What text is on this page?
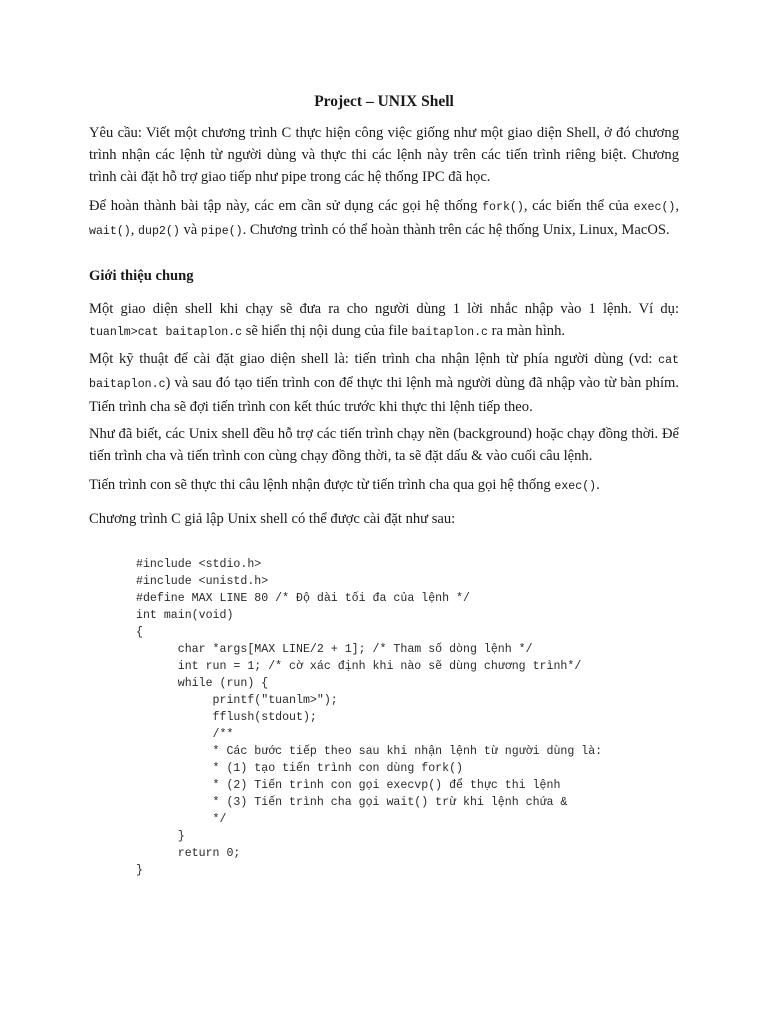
Project – UNIX Shell

Yêu cầu: Viết một chương trình C thực hiện công việc giống như một giao diện Shell, ở đó chương trình nhận các lệnh từ người dùng và thực thi các lệnh này trên các tiến trình riêng biệt. Chương trình cài đặt hỗ trợ giao tiếp như pipe trong các hệ thống IPC đã học.

Để hoàn thành bài tập này, các em cần sử dụng các gọi hệ thống fork(), các biến thể của exec(), wait(), dup2() và pipe(). Chương trình có thể hoàn thành trên các hệ thống Unix, Linux, MacOS.

Giới thiệu chung

Một giao diện shell khi chạy sẽ đưa ra cho người dùng 1 lời nhắc nhập vào 1 lệnh. Ví dụ: tuanlm>cat baitaplon.c sẽ hiển thị nội dung của file baitaplon.c ra màn hình.

Một kỹ thuật để cài đặt giao diện shell là: tiến trình cha nhận lệnh từ phía người dùng (vd: cat baitaplon.c) và sau đó tạo tiến trình con để thực thi lệnh mà người dùng đã nhập vào từ bàn phím. Tiến trình cha sẽ đợi tiến trình con kết thúc trước khi thực thi lệnh tiếp theo.

Như đã biết, các Unix shell đều hỗ trợ các tiến trình chạy nền (background) hoặc chạy đồng thời. Để tiến trình cha và tiến trình con cùng chạy đồng thời, ta sẽ đặt dấu & vào cuối câu lệnh.

Tiến trình con sẽ thực thi câu lệnh nhận được từ tiến trình cha qua gọi hệ thống exec().

Chương trình C giả lập Unix shell có thể được cài đặt như sau:

#include <stdio.h>
#include <unistd.h>
#define MAX LINE 80 /* Độ dài tối đa của lệnh */
int main(void)
{
char *args[MAX LINE/2 + 1]; /* Tham số dòng lệnh */
int run = 1; /* cờ xác định khi nào sẽ dùng chương trình*/
while (run) {
printf("tuanlm>");
fflush(stdout);
/**
* Các bước tiếp theo sau khi nhận lệnh từ người dùng là:
* (1) tạo tiến trình con dùng fork()
* (2) Tiến trình con gọi execvp() để thực thi lệnh
* (3) Tiến trình cha gọi wait() trừ khi lệnh chứa &
*/
}
return 0;
}
